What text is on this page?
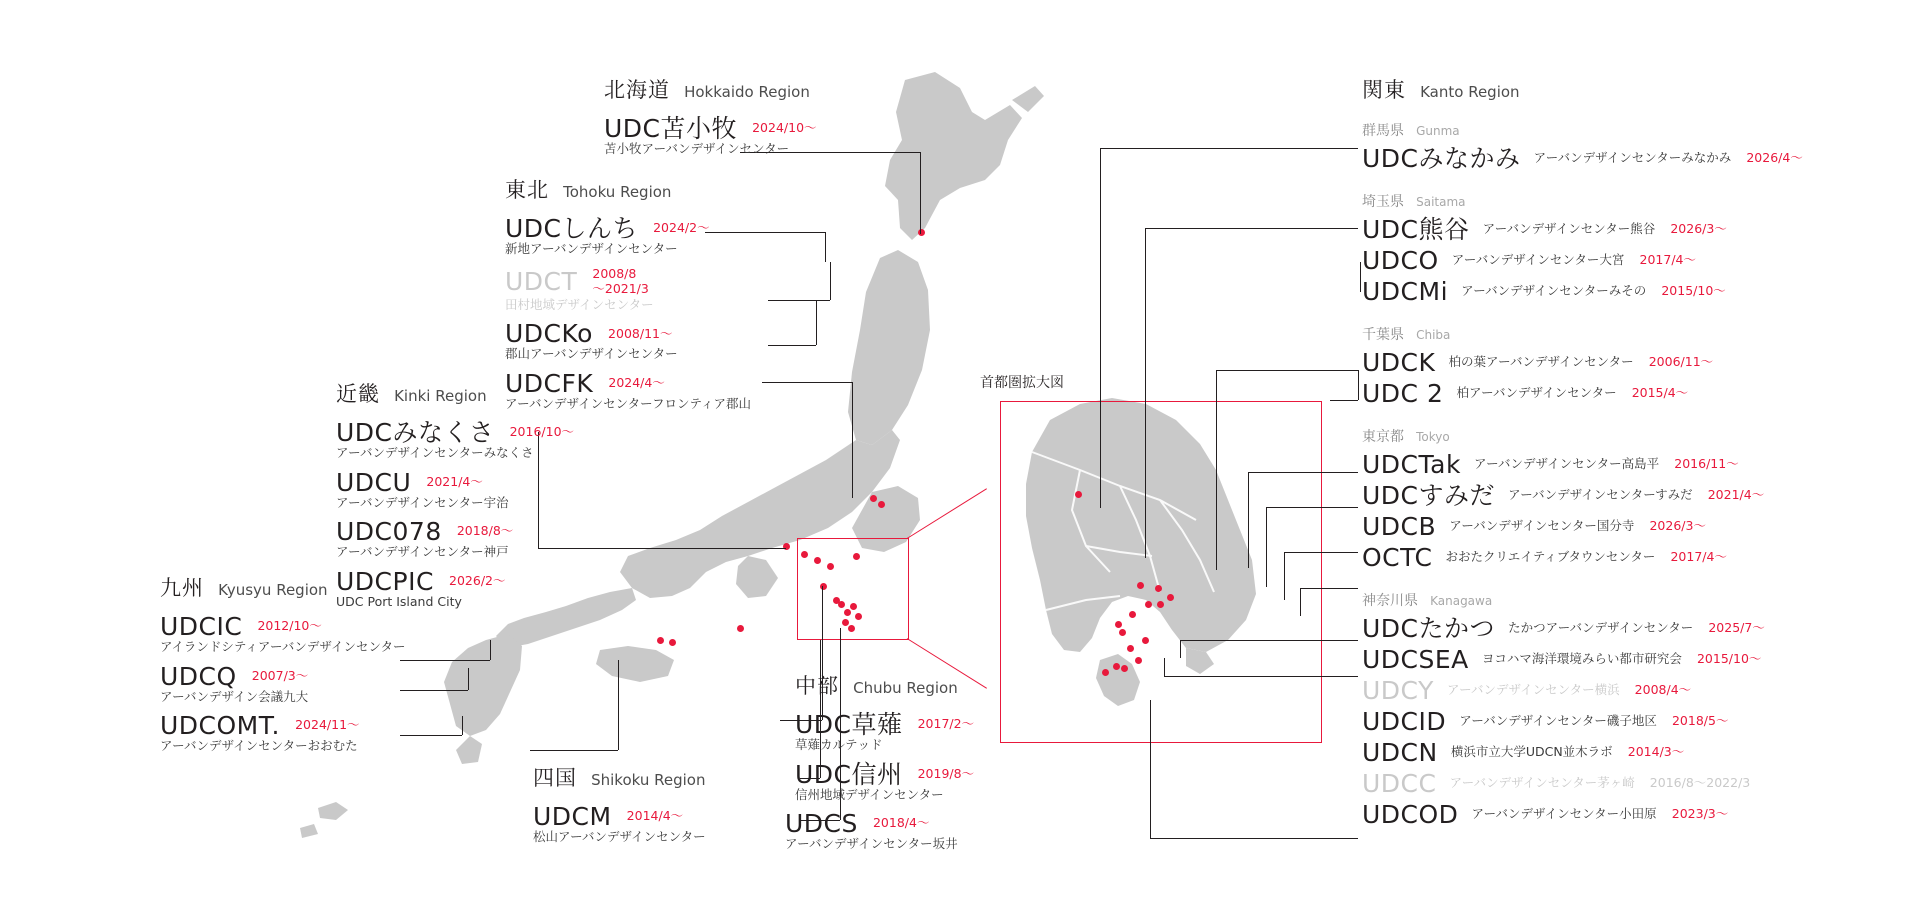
首都圏拡大図
北海道 Hokkaido Region
UDC苫小牧 2024/10〜
苫小牧アーバンデザインセンター
東北 Tohoku Region
UDCしんち 2024/2〜
新地アーバンデザインセンター
UDCT 2008/8
〜2021/3
田村地域デザインセンター
UDCKo 2008/11〜
郡山アーバンデザインセンター
UDCFK 2024/4〜
アーバンデザインセンターフロンティア郡山
近畿 Kinki Region
UDCみなくさ 2016/10〜
アーバンデザインセンターみなくさ
UDCU 2021/4〜
アーバンデザインセンター宇治
UDC078 2018/8〜
アーバンデザインセンター神戸
UDCPIC 2026/2〜
UDC Port Island City
九州 Kyusyu Region
UDCIC 2012/10〜
アイランドシティアーバンデザインセンター
UDCQ 2007/3〜
アーバンデザイン会議九大
UDCOMT. 2024/11〜
アーバンデザインセンターおおむた
四国 Shikoku Region
UDCM 2014/4〜
松山アーバンデザインセンター
中部 Chubu Region
UDC草薙 2017/2〜
草薙カルテッド
UDC信州 2019/8〜
信州地域デザインセンター
UDCS 2018/4〜
アーバンデザインセンター坂井
関東 Kanto Region
群馬県 Gunma
UDCみなかみ アーバンデザインセンターみなかみ 2026/4〜
埼玉県 Saitama
UDC熊谷 アーバンデザインセンター熊谷 2026/3〜
UDCO アーバンデザインセンター大宮 2017/4〜
UDCMi アーバンデザインセンターみその 2015/10〜
千葉県 Chiba
UDCK 柏の葉アーバンデザインセンター 2006/11〜
UDC 2 柏アーバンデザインセンター 2015/4〜
東京都 Tokyo
UDCTak アーバンデザインセンター高島平 2016/11〜
UDCすみだ アーバンデザインセンターすみだ 2021/4〜
UDCB アーバンデザインセンター国分寺 2026/3〜
OCTC おおたクリエイティブタウンセンター 2017/4〜
神奈川県 Kanagawa
UDCたかつ たかつアーバンデザインセンター 2025/7〜
UDCSEA ヨコハマ海洋環境みらい都市研究会 2015/10〜
UDCY アーバンデザインセンター横浜 2008/4〜
UDCID アーバンデザインセンター磯子地区 2018/5〜
UDCN 横浜市立大学UDCN並木ラボ 2014/3〜
UDCC アーバンデザインセンター茅ヶ崎 2016/8〜2022/3
UDCOD アーバンデザインセンター小田原 2023/3〜
